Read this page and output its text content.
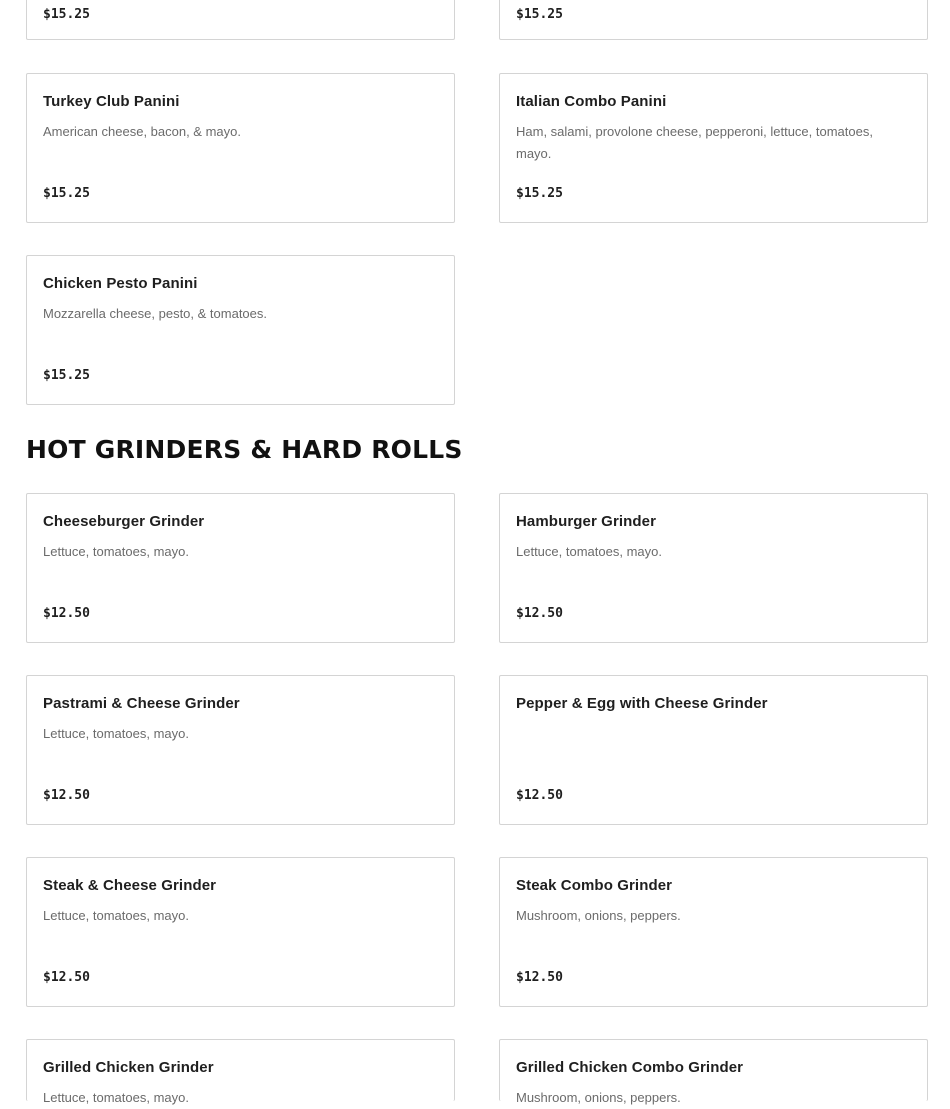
$15.25	$15.25
Turkey Club Panini
American cheese, bacon, & mayo.
$15.25
Italian Combo Panini
Ham, salami, provolone cheese, pepperoni, lettuce, tomatoes, mayo.
$15.25
Chicken Pesto Panini
Mozzarella cheese, pesto, & tomatoes.
$15.25
HOT GRINDERS & HARD ROLLS
Cheeseburger Grinder
Lettuce, tomatoes, mayo.
$12.50
Hamburger Grinder
Lettuce, tomatoes, mayo.
$12.50
Pastrami & Cheese Grinder
Lettuce, tomatoes, mayo.
$12.50
Pepper & Egg with Cheese Grinder
$12.50
Steak & Cheese Grinder
Lettuce, tomatoes, mayo.
$12.50
Steak Combo Grinder
Mushroom, onions, peppers.
$12.50
Grilled Chicken Grinder
Lettuce, tomatoes, mayo.
Grilled Chicken Combo Grinder
Mushroom, onions, peppers.
